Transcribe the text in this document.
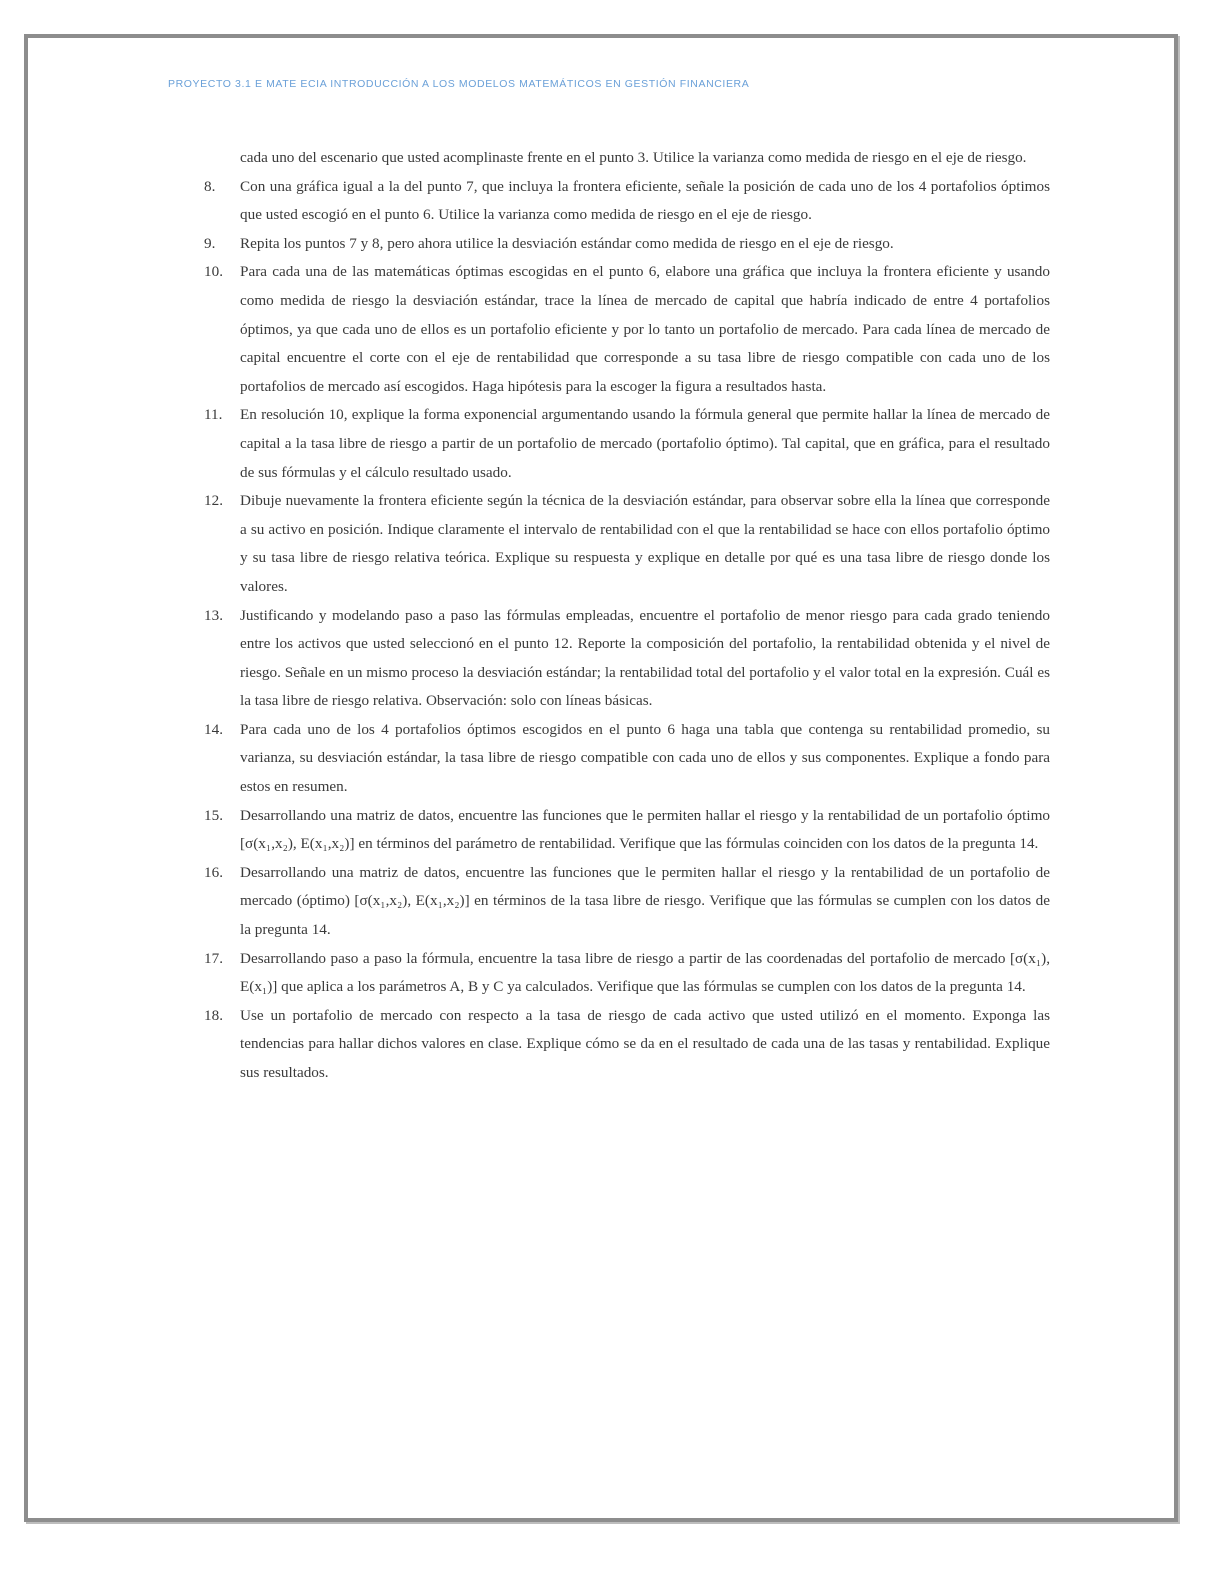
PROYECTO 3.1 E MATE ECIA INTRODUCCIÓN A LOS MODELOS MATEMÁTICOS EN GESTIÓN FINANCIERA
cada uno del escenario que usted acomplinaste frente en el punto 3. Utilice la varianza como medida de riesgo en el eje de riesgo.
8.	Con una gráfica igual a la del punto 7, que incluya la frontera eficiente, señale la posición de cada uno de los 4 portafolios óptimos que usted escogió en el punto 6. Utilice la varianza como medida de riesgo en el eje de riesgo.
9.	Repita los puntos 7 y 8, pero ahora utilice la desviación estándar como medida de riesgo en el eje de riesgo.
10.	Para cada una de las matemáticas óptimas escogidas en el punto 6, elabore una gráfica que incluya la frontera eficiente y usando como medida de riesgo la desviación estándar, trace la línea de mercado de capital que habría indicado de entre 4 portafolios óptimos, ya que cada uno de ellos es un portafolio eficiente y por lo tanto un portafolio de mercado. Para cada línea de mercado de capital encuentre el corte con el eje de rentabilidad que corresponde a su tasa libre de riesgo compatible con cada uno de los portafolios de mercado así escogidos. Haga hipótesis para la escoger la figura a resultados hasta.
11.	En resolución 10, explique la forma exponencial argumentando usando la fórmula general que permite hallar la línea de mercado de capital a la tasa libre de riesgo a partir de un portafolio de mercado (portafolio óptimo). Tal capital, que en gráfica, para el resultado de sus fórmulas y el cálculo resultado usado.
12.	Dibuje nuevamente la frontera eficiente según la técnica de la desviación estándar, para observar sobre ella la línea que corresponde a su activo en posición. Indique claramente el intervalo de rentabilidad con el que la rentabilidad se hace con ellos portafolio óptimo y su tasa libre de riesgo relativa teórica. Explique su respuesta y explique en detalle por qué es una tasa libre de riesgo donde los valores.
13.	Justificando y modelando paso a paso las fórmulas empleadas, encuentre el portafolio de menor riesgo para cada grado teniendo entre los activos que usted seleccionó en el punto 12. Reporte la composición del portafolio, la rentabilidad obtenida y el nivel de riesgo. Señale en un mismo proceso la desviación estándar; la rentabilidad total del portafolio y el valor total en la expresión. Cuál es la tasa libre de riesgo relativa. Observación: solo con líneas básicas.
14.	Para cada uno de los 4 portafolios óptimos escogidos en el punto 6 haga una tabla que contenga su rentabilidad promedio, su varianza, su desviación estándar, la tasa libre de riesgo compatible con cada uno de ellos y sus componentes. Explique a fondo para estos en resumen.
15.	Desarrollando una matriz de datos, encuentre las funciones que le permiten hallar el riesgo y la rentabilidad de un portafolio óptimo [σ(x₁,x₂), E(x₁,x₂)] en términos del parámetro de rentabilidad. Verifique que las fórmulas coinciden con los datos de la pregunta 14.
16.	Desarrollando una matriz de datos, encuentre las funciones que le permiten hallar el riesgo y la rentabilidad de un portafolio de mercado (óptimo) [σ(x₁,x₂), E(x₁,x₂)] en términos de la tasa libre de riesgo. Verifique que las fórmulas se cumplen con los datos de la pregunta 14.
17.	Desarrollando paso a paso la fórmula, encuentre la tasa libre de riesgo a partir de las coordenadas del portafolio de mercado [σ(x₁), E(x₁)] que aplica a los parámetros A, B y C ya calculados. Verifique que las fórmulas se cumplen con los datos de la pregunta 14.
18.	Use un portafolio de mercado con respecto a la tasa de riesgo de cada activo que usted utilizó en el momento. Exponga las tendencias para hallar dichos valores en clase. Explique cómo se da en el resultado de cada una de las tasas y rentabilidad. Explique sus resultados.
